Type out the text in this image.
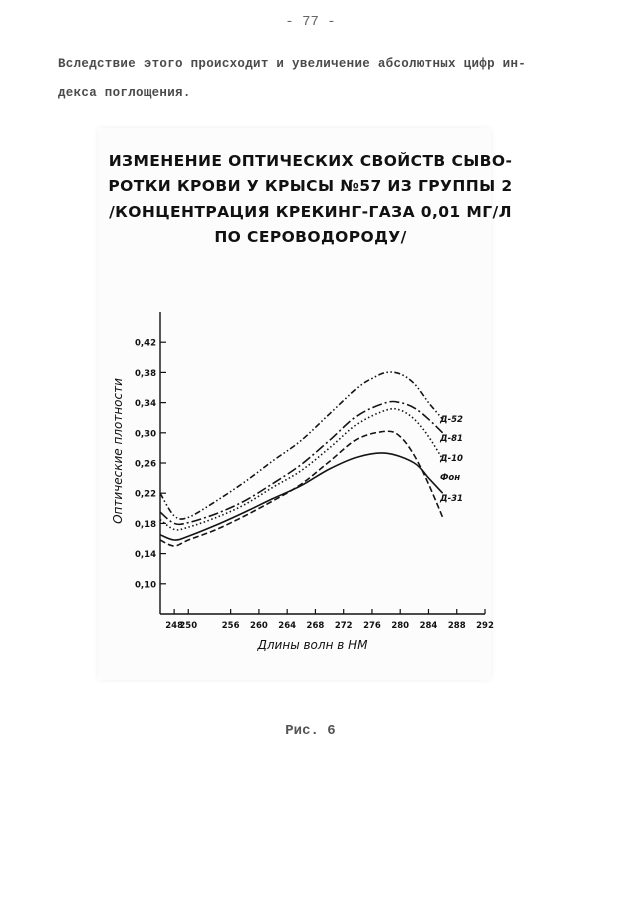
- 77 -
Вследствие этого происходит и увеличение абсолютных цифр ин-
декса поглощения.
ИЗМЕНЕНИЕ ОПТИЧЕСКИХ СВОЙСТВ СЫВО-
РОТКИ КРОВИ У КРЫСЫ №57 ИЗ ГРУППЫ 2
/КОНЦЕНТРАЦИЯ КРЕКИНГ-ГАЗА 0,01 МГ/Л
ПО СЕРОВОДОРОДУ/
0,10
0,14
0,18
0,22
0,26
0,30
0,34
0,38
0,42
248
250	256 260 264 268 272 276 280 284 288 292
Длины волн в НМ
Оптические плотности	Д-52
Д-81
Д-10
Фон
Д-31
Рис. 6
